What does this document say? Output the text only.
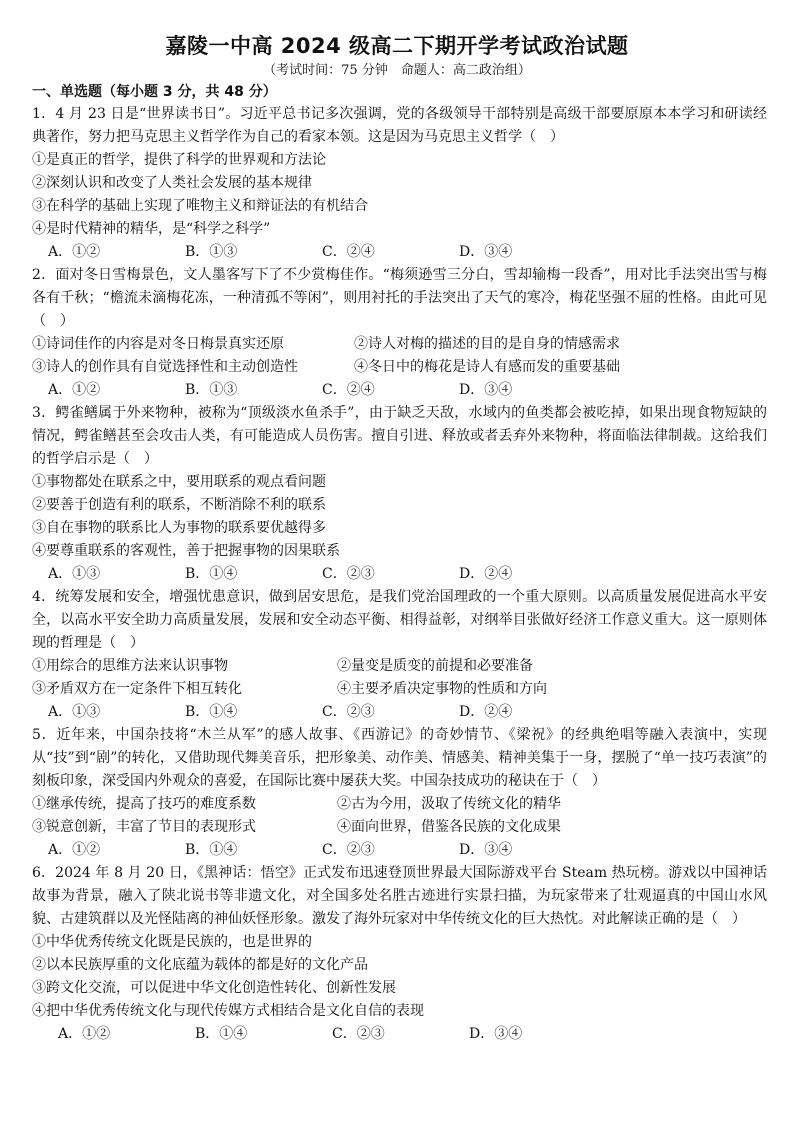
嘉陵一中高 2024 级高二下期开学考试政治试题
（考试时间：75 分钟　命题人：高二政治组）
一、单选题（每小题 3 分，共 48 分）

1．4 月 23 日是“世界读书日”。习近平总书记多次强调，党的各级领导干部特别是高级干部要原原本本学习和研读经典著作，努力把马克思主义哲学作为自己的看家本领。这是因为马克思主义哲学（　）

①是真正的哲学，提供了科学的世界观和方法论

②深刻认识和改变了人类社会发展的基本规律

③在科学的基础上实现了唯物主义和辩证法的有机结合

④是时代精神的精华，是“科学之科学”

A．①②	B．①③	C．②④	D．③④

2．面对冬日雪梅景色，文人墨客写下了不少赏梅佳作。“梅须逊雪三分白，雪却输梅一段香”，用对比手法突出雪与梅各有千秋；“檐流未滴梅花冻，一种清孤不等闲”，则用衬托的手法突出了天气的寒冷，梅花坚强不屈的性格。由此可见（　）

①诗词佳作的内容是对冬日梅景真实还原	②诗人对梅的描述的目的是自身的情感需求
③诗人的创作具有自觉选择性和主动创造性	④冬日中的梅花是诗人有感而发的重要基础
A．①②	B．①③	C．②④	D．③④

3．鳄雀鳝属于外来物种，被称为“顶级淡水鱼杀手”，由于缺乏天敌，水域内的鱼类都会被吃掉，如果出现食物短缺的情况，鳄雀鳝甚至会攻击人类，有可能造成人员伤害。擅自引进、释放或者丢弃外来物种，将面临法律制裁。这给我们的哲学启示是（　）

①事物都处在联系之中，要用联系的观点看问题

②要善于创造有利的联系，不断消除不利的联系

③自在事物的联系比人为事物的联系要优越得多

④要尊重联系的客观性，善于把握事物的因果联系

A．①③	B．①④	C．②③	D．②④

4．统筹发展和安全，增强忧患意识，做到居安思危，是我们党治国理政的一个重大原则。以高质量发展促进高水平安全，以高水平安全助力高质量发展，发展和安全动态平衡、相得益彰，对纲举目张做好经济工作意义重大。这一原则体现的哲理是（　）

①用综合的思维方法来认识事物	②量变是质变的前提和必要准备
③矛盾双方在一定条件下相互转化	④主要矛盾决定事物的性质和方向
A．①③	B．①④	C．②③	D．②④

5．近年来，中国杂技将“木兰从军”的感人故事、《西游记》的奇妙情节、《梁祝》的经典绝唱等融入表演中，实现从“技”到“剧”的转化，又借助现代舞美音乐，把形象美、动作美、情感美、精神美集于一身，摆脱了“单一技巧表演”的刻板印象，深受国内外观众的喜爱，在国际比赛中屡获大奖。中国杂技成功的秘诀在于（　）

①继承传统，提高了技巧的难度系数	②古为今用，汲取了传统文化的精华
③锐意创新，丰富了节目的表现形式	④面向世界，借鉴各民族的文化成果
A．①②	B．①④	C．②③	D．③④

6．2024 年 8 月 20 日，《黑神话：悟空》正式发布迅速登顶世界最大国际游戏平台 Steam 热玩榜。游戏以中国神话故事为背景，融入了陕北说书等非遗文化，对全国多处名胜古迹进行实景扫描，为玩家带来了壮观逼真的中国山水风貌、古建筑群以及光怪陆离的神仙妖怪形象。激发了海外玩家对中华传统文化的巨大热忱。对此解读正确的是（　）

①中华优秀传统文化既是民族的，也是世界的

②以本民族厚重的文化底蕴为载体的都是好的文化产品

③跨文化交流，可以促进中华文化创造性转化、创新性发展

④把中华优秀传统文化与现代传媒方式相结合是文化自信的表现

A．①②	B．①④	C．②③	D．③④
